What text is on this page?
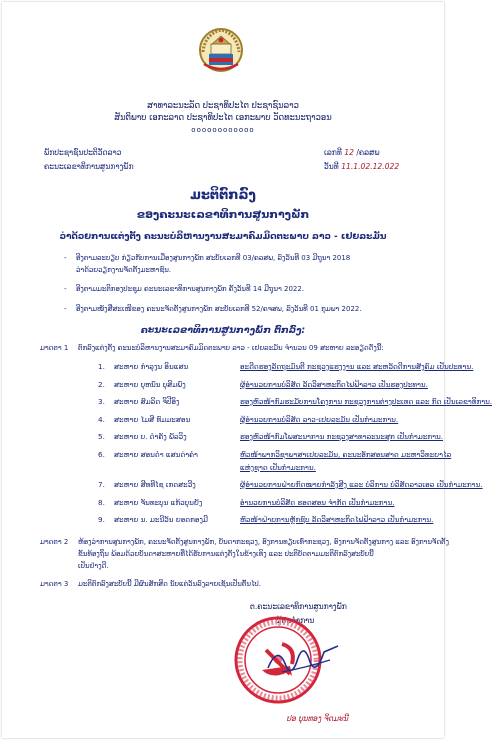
ສາທາລະນະລັດ ປະຊາທິປະໄຕ ປະຊາຊົນລາວ
ສັນຕິພາບ ເອກະລາດ ປະຊາທິປະໄຕ ເອກະພາບ ວັດທະນະຖາວອນ
ᴏᴏᴏᴏᴏᴏᴏᴏᴏᴏᴏᴏ
ພັກປະຊາຊົນປະຕິວັດລາວ
ຄະນະເລຂາທິການສູນກາງພັກ
ເລກທີ 12 /ຄລສພ
ວັນທີ 11.1.02.12.022
ມະຕິຕົກລົງ
ຂອງຄະນະເລຂາທິການສູນກາງພັກ
ວ່າດ້ວຍການແຕ່ງຕັ້ງ ຄະນະບໍລິຫານງານສະມາຄົມມິດຕະພາບ ລາວ - ເຢຍລະມັນ
- ອີງຕາມລະບຽບ ກ່ຽວກັບການເມືອງສູນກາງພັກ ສະບັບເລກທີ 03/ຄລສພ, ລົງວັນທີ 03 ມີຖຸນາ 2018
ວ່າດ້ວຍວຽກງານຈັດຕັ້ງມະຫາຊົນ.
- ອີງຕາມມະຕິກອງປະຊຸມ ຄະນະເລຂາທິການສູນກາງພັກ ຄັ້ງວັນທີ 14 ມີຖຸນາ 2022.
- ອີງຕາມໜັງສືສະເໜີຂອງ ຄະນະຈັດຕັ້ງສູນກາງພັກ ສະບັບເລກທີ 52/ຄຈສພ, ລົງວັນທີ 01 ກຸມພາ 2022.
ຄະນະເລຂາທິການສູນກາງພັກ ຕົກລົງ:
ມາດຕາ 1 ຕົກລົງແຕ່ງຕັ້ງ ຄະນະບໍລິຫານງານສະມາຄົມມິດຕະພາບ ລາວ - ເຢຍລະມັນ ຈຳນວນ 09 ສະຫາຍ ລະອຽດດັ່ງນີ້:
1. ສະຫາຍ ກຳລຸງນ ອິນແສນ	ອະດີດຮອງລັດຖະມົນຕີ ກະຊວງແຮງງານ ແລະ ສະຫວັດດີການສັງຄົມ ເປັນປະທານ.
2. ສະຫາຍ ບຸຫນົນ ບຸສິມພົງ	ຜູ້ອຳນວຍການບໍລິສັດ ລັດວິສາຫະກິດໄຟຟ້າລາວ ເປັນຮອງປະທານ.
3. ສະຫາຍ ສົມລິດ ຈິປີອິງ	ຮອງຫົວໜ້າກົມຮະມັບການໂຄງການ ກະຊວງການຕ່າງປະເທດ ແລະ ກົດ ເປັນເລຂາທິການ.
4. ສະຫາຍ ໄມສີ ທົມມະສອນ	ຜູ້ອຳນວຍການບໍລິສັດ ລາວ-ເຢຍລະມັນ ເປັນກຳມະການ.
5. ສະຫາຍ ບ. ດຳຄັງ ພັລວິງ	ຮອງຫົວໜ້າກົມໂພສະນາການ ກະຊວງສາທາລະນະສຸກ ເປັນກຳມະການ.
6. ສະຫາຍ ສອນດຳ ແສນດ່າຄຳ	ຫົວໜ້າພາກວິຊາພາສາເຢຍລະມັນ, ຄະນະອັກສອນສາດ ມະຫາວິທະຍາໄລ
ແຫ່ງຊາດ ເປັນກຳມະການ.
7. ສະຫາຍ ສີທທີໄຊ ເກດສະວີງ	ຜູ້ອຳນວຍການຝ່າຍກົດໝາຍກຳລັງສີງ ແລະ ບໍລິການ ບໍລິສັດລາວເອລ ເປັນກຳມະການ.
8. ສະຫາຍ ຈັນທະບຸນ ແກ້ວບຸນຍັງ	ອຳນວຍການບໍລິສັດ ຮອດສອນ ຈຳກັດ ເປັນກຳມະການ.
9. ສະຫາຍ ນ. ມະນີວັນ ຍອດກອງມີ	ຫົວໜ້າຝ່າຍການຫຼັກຊົບ ລັດວິສາຫະກິດໄຟຟ້າລາວ ເປັນກຳມະການ.
ມາດຕາ 2 ຫ້ອງວ່າການສູນກາງພັກ, ຄະນະຈັດຕັ້ງສູນກາງພັກ, ບັນດາກະຊວງ, ອົງການທຽບເທົ່າກະຊວງ, ອົງການຈັດຕັ້ງສູນກາງ ແລະ ອົງການຈັດຕັ້ງ
ຂັ້ນທ້ອງຖິ່ນ ພ້ອມດ້ວຍບັນດາສະຫາຍທີ່ໄດ້ຮັບການແຕ່ງຕັ້ງໃນຂ້າງເທິງ ແລະ ປະຕິບັດຕາມມະຕິຕົກລົງສະບັບນີ້
ເປັນຢ່າງດີ.
ມາດຕາ 3 ມະຕິຕົກລົງສະບັບນີ້ ມີຜົນສັກສິດ ນັບແຕ່ວັນລົງລາຍເຊັນເປັນຕົ້ນໄປ.
ຕ.ຄະນະເລຂາທິການສູນກາງພັກ
ຜູ້ປະຈຳການ
ປອ ບຸນທອງ ຈິດມະນີ
